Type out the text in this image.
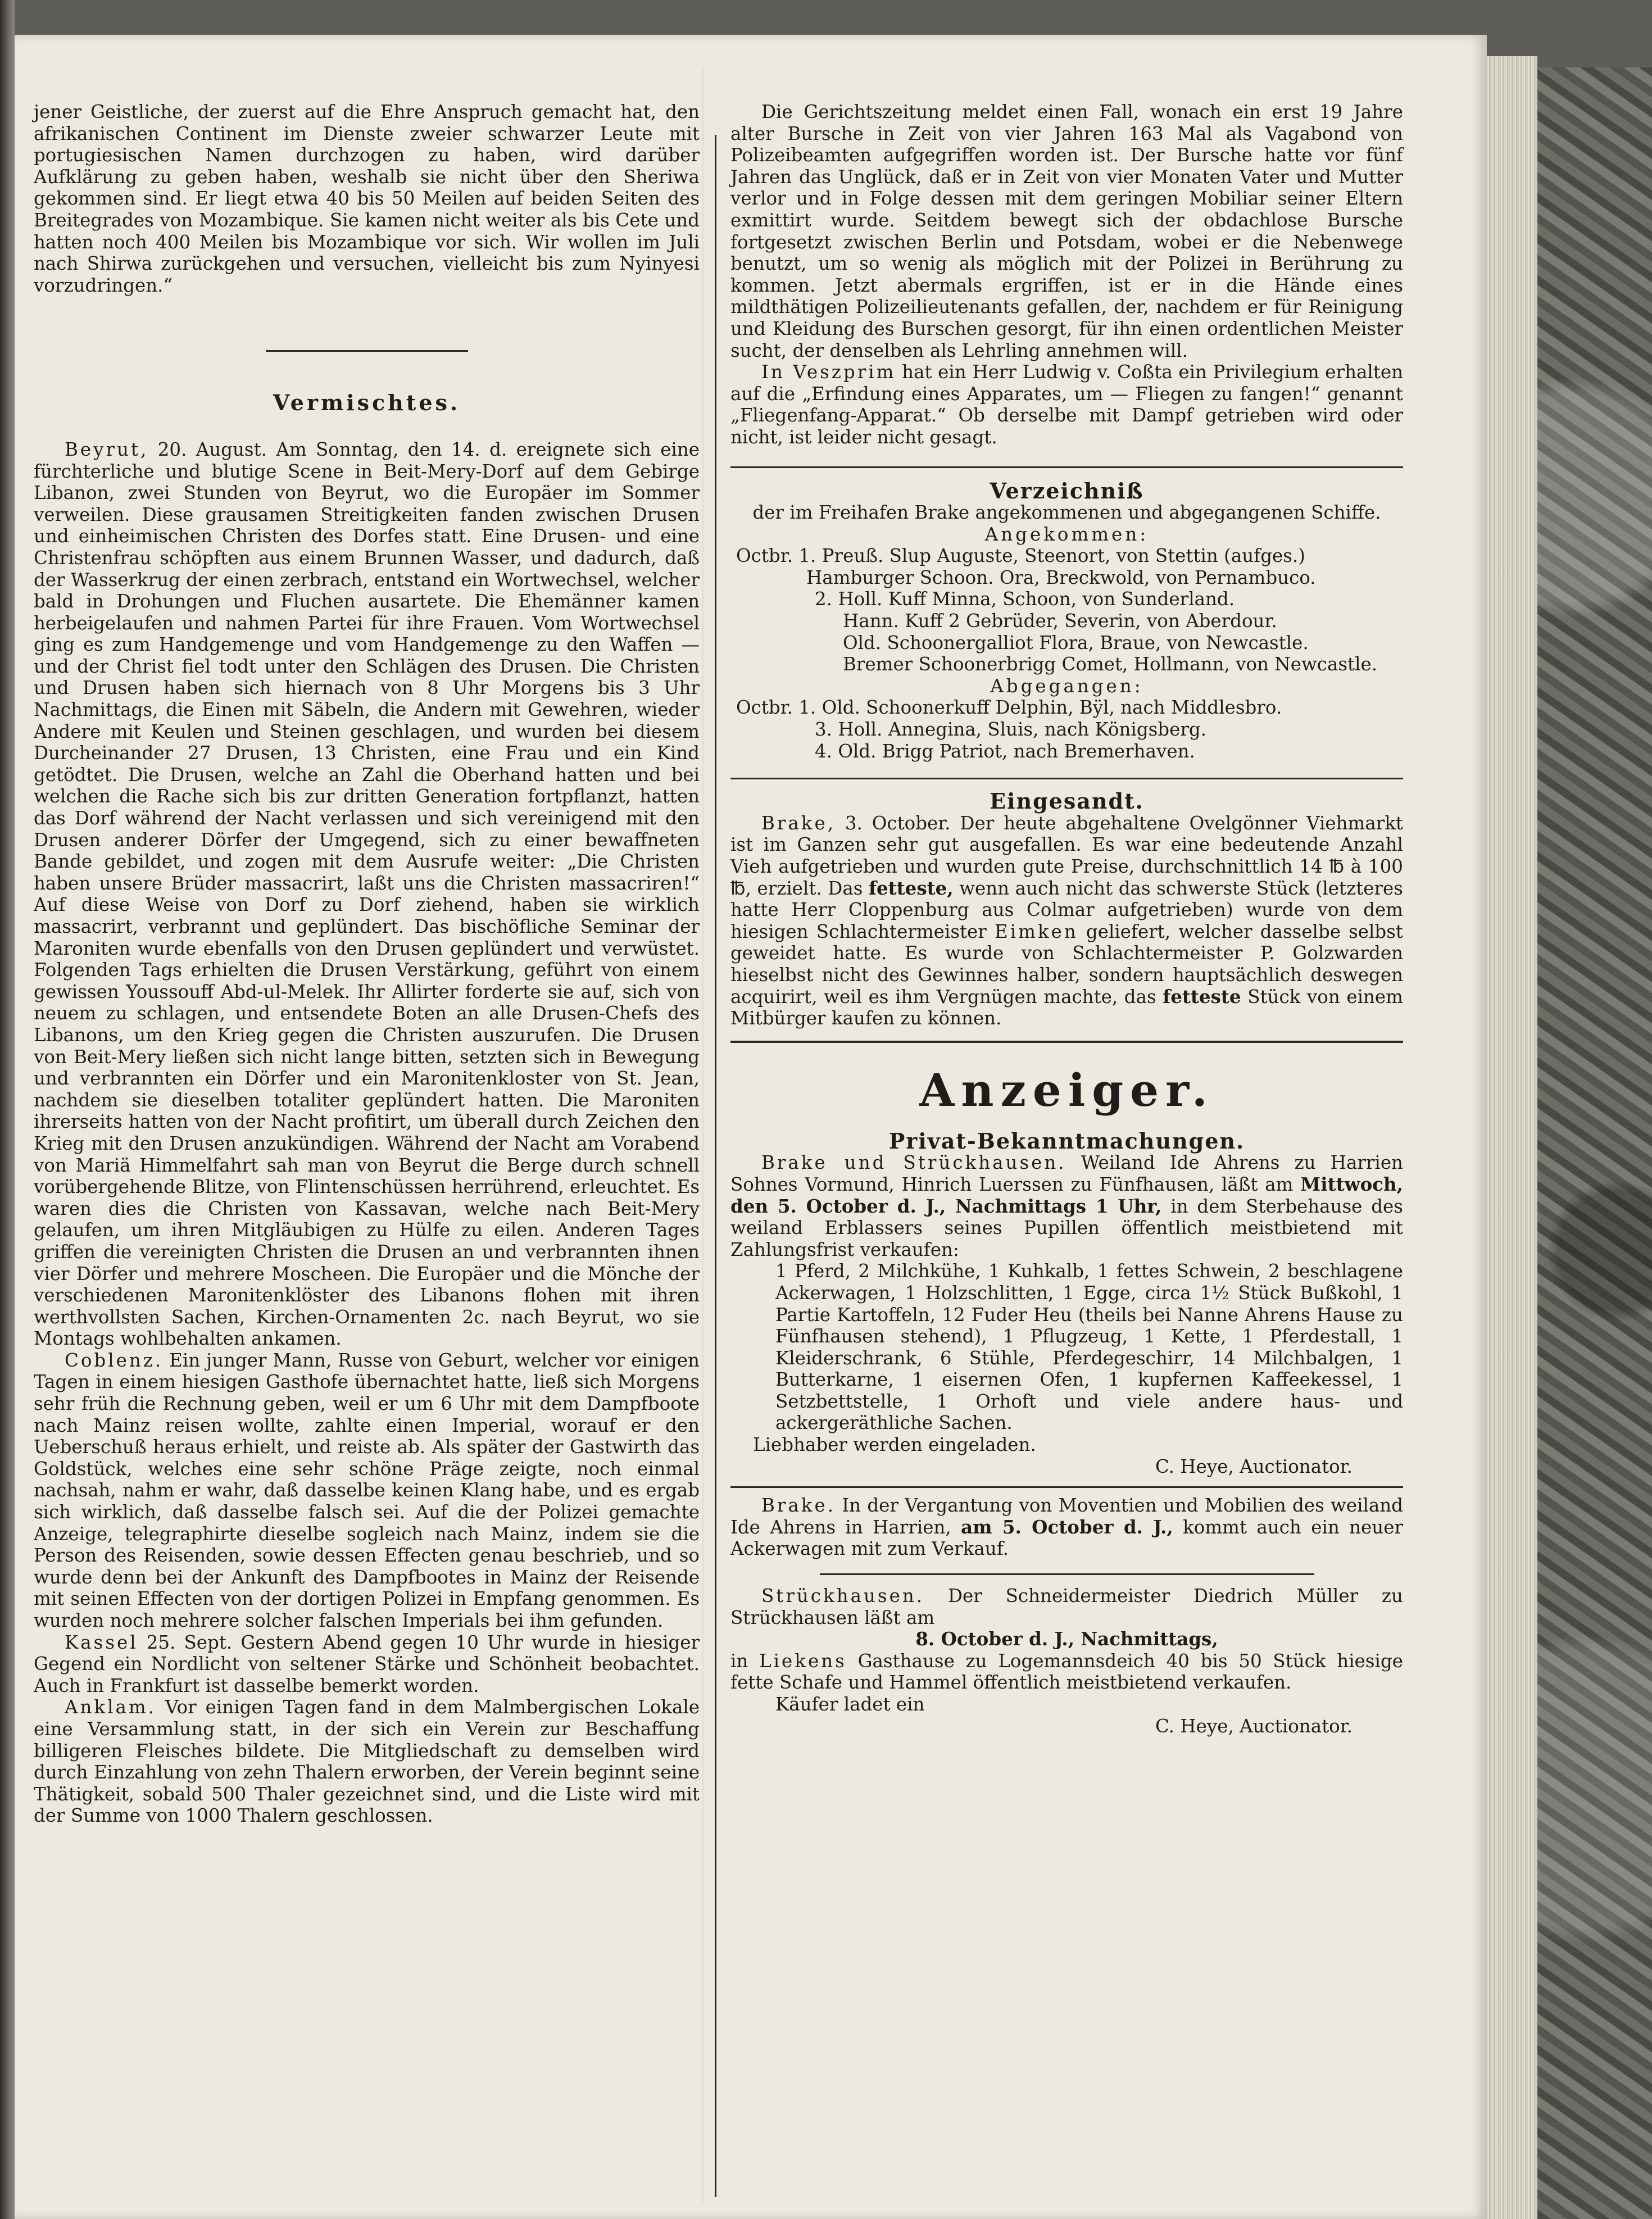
jener Geistliche, der zuerst auf die Ehre Anspruch gemacht hat, den afrikanischen Continent im Dienste zweier schwarzer Leute mit portugiesischen Namen durchzogen zu haben, wird darüber Aufklärung zu geben haben, weshalb sie nicht über den Sheriwa gekommen sind. Er liegt etwa 40 bis 50 Meilen auf beiden Seiten des Breitegrades von Mozambique. Sie kamen nicht weiter als bis Cete und hatten noch 400 Meilen bis Mozambique vor sich. Wir wollen im Juli nach Shirwa zurückgehen und versuchen, vielleicht bis zum Nyinyesi vorzudringen.“

Vermischtes.

Beyrut, 20. August. Am Sonntag, den 14. d. ereignete sich eine fürchterliche und blutige Scene in Beit-Mery-Dorf auf dem Gebirge Libanon, zwei Stunden von Beyrut, wo die Europäer im Sommer verweilen. Diese grausamen Streitigkeiten fanden zwischen Drusen und einheimischen Christen des Dorfes statt. Eine Drusen- und eine Christenfrau schöpften aus einem Brunnen Wasser, und dadurch, daß der Wasserkrug der einen zerbrach, entstand ein Wortwechsel, welcher bald in Drohungen und Fluchen ausartete. Die Ehemänner kamen herbeigelaufen und nahmen Partei für ihre Frauen. Vom Wortwechsel ging es zum Handgemenge und vom Handgemenge zu den Waffen — und der Christ fiel todt unter den Schlägen des Drusen. Die Christen und Drusen haben sich hiernach von 8 Uhr Morgens bis 3 Uhr Nachmittags, die Einen mit Säbeln, die Andern mit Gewehren, wieder Andere mit Keulen und Steinen geschlagen, und wurden bei diesem Durcheinander 27 Drusen, 13 Christen, eine Frau und ein Kind getödtet. Die Drusen, welche an Zahl die Oberhand hatten und bei welchen die Rache sich bis zur dritten Generation fortpflanzt, hatten das Dorf während der Nacht verlassen und sich vereinigend mit den Drusen anderer Dörfer der Umgegend, sich zu einer bewaffneten Bande gebildet, und zogen mit dem Ausrufe weiter: „Die Christen haben unsere Brüder massacrirt, laßt uns die Christen massacriren!“ Auf diese Weise von Dorf zu Dorf ziehend, haben sie wirklich massacrirt, verbrannt und geplündert. Das bischöfliche Seminar der Maroniten wurde ebenfalls von den Drusen geplündert und verwüstet. Folgenden Tags erhielten die Drusen Verstärkung, geführt von einem gewissen Youssouff Abd-ul-Melek. Ihr Allirter forderte sie auf, sich von neuem zu schlagen, und entsendete Boten an alle Drusen-Chefs des Libanons, um den Krieg gegen die Christen auszurufen. Die Drusen von Beit-Mery ließen sich nicht lange bitten, setzten sich in Bewegung und verbrannten ein Dörfer und ein Maronitenkloster von St. Jean, nachdem sie dieselben totaliter geplündert hatten. Die Maroniten ihrerseits hatten von der Nacht profitirt, um überall durch Zeichen den Krieg mit den Drusen anzukündigen. Während der Nacht am Vorabend von Mariä Himmelfahrt sah man von Beyrut die Berge durch schnell vorübergehende Blitze, von Flintenschüssen herrührend, erleuchtet. Es waren dies die Christen von Kassavan, welche nach Beit-Mery gelaufen, um ihren Mitgläubigen zu Hülfe zu eilen. Anderen Tages griffen die vereinigten Christen die Drusen an und verbrannten ihnen vier Dörfer und mehrere Moscheen. Die Europäer und die Mönche der verschiedenen Maronitenklöster des Libanons flohen mit ihren werthvollsten Sachen, Kirchen-Ornamenten 2c. nach Beyrut, wo sie Montags wohlbehalten ankamen.

Coblenz. Ein junger Mann, Russe von Geburt, welcher vor einigen Tagen in einem hiesigen Gasthofe übernachtet hatte, ließ sich Morgens sehr früh die Rechnung geben, weil er um 6 Uhr mit dem Dampfboote nach Mainz reisen wollte, zahlte einen Imperial, worauf er den Ueberschuß heraus erhielt, und reiste ab. Als später der Gastwirth das Goldstück, welches eine sehr schöne Präge zeigte, noch einmal nachsah, nahm er wahr, daß dasselbe keinen Klang habe, und es ergab sich wirklich, daß dasselbe falsch sei. Auf die der Polizei gemachte Anzeige, telegraphirte dieselbe sogleich nach Mainz, indem sie die Person des Reisenden, sowie dessen Effecten genau beschrieb, und so wurde denn bei der Ankunft des Dampfbootes in Mainz der Reisende mit seinen Effecten von der dortigen Polizei in Empfang genommen. Es wurden noch mehrere solcher falschen Imperials bei ihm gefunden.

Kassel 25. Sept. Gestern Abend gegen 10 Uhr wurde in hiesiger Gegend ein Nordlicht von seltener Stärke und Schönheit beobachtet. Auch in Frankfurt ist dasselbe bemerkt worden.

Anklam. Vor einigen Tagen fand in dem Malmbergischen Lokale eine Versammlung statt, in der sich ein Verein zur Beschaffung billigeren Fleisches bildete. Die Mitgliedschaft zu demselben wird durch Einzahlung von zehn Thalern erworben, der Verein beginnt seine Thätigkeit, sobald 500 Thaler gezeichnet sind, und die Liste wird mit der Summe von 1000 Thalern geschlossen.

Die Gerichtszeitung meldet einen Fall, wonach ein erst 19 Jahre alter Bursche in Zeit von vier Jahren 163 Mal als Vagabond von Polizeibeamten aufgegriffen worden ist. Der Bursche hatte vor fünf Jahren das Unglück, daß er in Zeit von vier Monaten Vater und Mutter verlor und in Folge dessen mit dem geringen Mobiliar seiner Eltern exmittirt wurde. Seitdem bewegt sich der obdachlose Bursche fortgesetzt zwischen Berlin und Potsdam, wobei er die Nebenwege benutzt, um so wenig als möglich mit der Polizei in Berührung zu kommen. Jetzt abermals ergriffen, ist er in die Hände eines mildthätigen Polizeilieutenants gefallen, der, nachdem er für Reinigung und Kleidung des Burschen gesorgt, für ihn einen ordentlichen Meister sucht, der denselben als Lehrling annehmen will.

In Veszprim hat ein Herr Ludwig v. Coßta ein Privilegium erhalten auf die „Erfindung eines Apparates, um — Fliegen zu fangen!“ genannt „Fliegenfang-Apparat.“ Ob derselbe mit Dampf getrieben wird oder nicht, ist leider nicht gesagt.

Verzeichniß

der im Freihafen Brake angekommenen und abgegangenen Schiffe.

Angekommen:

Octbr. 1. Preuß. Slup Auguste, Steenort, von Stettin (aufges.)

Hamburger Schoon. Ora, Breckwold, von Pernambuco.

2. Holl. Kuff Minna, Schoon, von Sunderland.

Hann. Kuff 2 Gebrüder, Severin, von Aberdour.

Old. Schoonergalliot Flora, Braue, von Newcastle.

Bremer Schoonerbrigg Comet, Hollmann, von Newcastle.

Abgegangen:

Octbr. 1. Old. Schoonerkuff Delphin, Bÿl, nach Middlesbro.

3. Holl. Annegina, Sluis, nach Königsberg.

4. Old. Brigg Patriot, nach Bremerhaven.

Eingesandt.

Brake, 3. October. Der heute abgehaltene Ovelgönner Viehmarkt ist im Ganzen sehr gut ausgefallen. Es war eine bedeutende Anzahl Vieh aufgetrieben und wurden gute Preise, durchschnittlich 14 ℔ à 100 ℔, erzielt. Das fetteste, wenn auch nicht das schwerste Stück (letzteres hatte Herr Cloppenburg aus Colmar aufgetrieben) wurde von dem hiesigen Schlachtermeister Eimken geliefert, welcher dasselbe selbst geweidet hatte. Es wurde von Schlachtermeister P. Golzwarden hieselbst nicht des Gewinnes halber, sondern hauptsächlich deswegen acquirirt, weil es ihm Vergnügen machte, das fetteste Stück von einem Mitbürger kaufen zu können.

Anzeiger.

Privat-Bekanntmachungen.

Brake und Strückhausen. Weiland Ide Ahrens zu Harrien Sohnes Vormund, Hinrich Luerssen zu Fünfhausen, läßt am Mittwoch, den 5. October d. J., Nachmittags 1 Uhr, in dem Sterbehause des weiland Erblassers seines Pupillen öffentlich meistbietend mit Zahlungsfrist verkaufen:

1 Pferd, 2 Milchkühe, 1 Kuhkalb, 1 fettes Schwein, 2 beschlagene Ackerwagen, 1 Holzschlitten, 1 Egge, circa 1½ Stück Bußkohl, 1 Partie Kartoffeln, 12 Fuder Heu (theils bei Nanne Ahrens Hause zu Fünfhausen stehend), 1 Pflugzeug, 1 Kette, 1 Pferdestall, 1 Kleiderschrank, 6 Stühle, Pferdegeschirr, 14 Milchbalgen, 1 Butterkarne, 1 eisernen Ofen, 1 kupfernen Kaffeekessel, 1 Setzbettstelle, 1 Orhoft und viele andere haus- und ackergeräthliche Sachen.

Liebhaber werden eingeladen.

C. Heye, Auctionator.

Brake. In der Vergantung von Moventien und Mobilien des weiland Ide Ahrens in Harrien, am 5. October d. J., kommt auch ein neuer Ackerwagen mit zum Verkauf.

Strückhausen. Der Schneidermeister Diedrich Müller zu Strückhausen läßt am

8. October d. J., Nachmittags,

in Liekens Gasthause zu Logemannsdeich 40 bis 50 Stück hiesige fette Schafe und Hammel öffentlich meistbietend verkaufen.

Käufer ladet ein

C. Heye, Auctionator.
